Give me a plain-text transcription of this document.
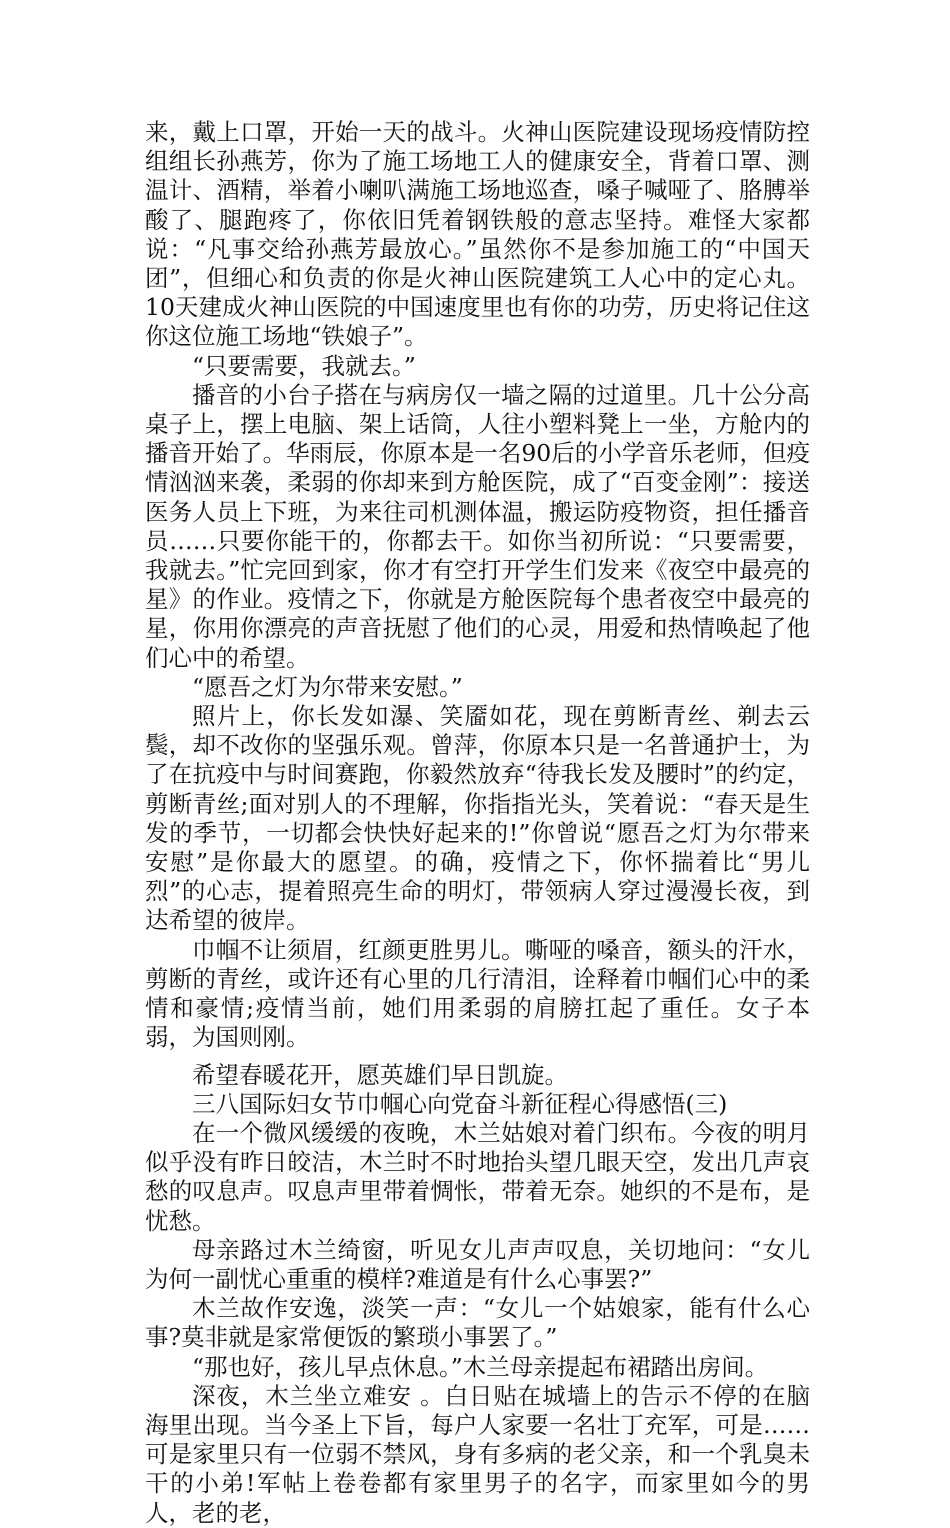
来，戴上口罩，开始一天的战斗。火神山医院建设现场疫情防控组组长孙燕芳，你为了施工场地工人的健康安全，背着口罩、测温计、酒精，举着小喇叭满施工场地巡查，嗓子喊哑了、胳膊举酸了、腿跑疼了，你依旧凭着钢铁般的意志坚持。难怪大家都说：“凡事交给孙燕芳最放心。”虽然你不是参加施工的“中国天团”，但细心和负责的你是火神山医院建筑工人心中的定心丸。10天建成火神山医院的中国速度里也有你的功劳，历史将记住这你这位施工场地“铁娘子”。

“只要需要，我就去。”

播音的小台子搭在与病房仅一墙之隔的过道里。几十公分高桌子上，摆上电脑、架上话筒，人往小塑料凳上一坐，方舱内的播音开始了。华雨辰，你原本是一名90后的小学音乐老师，但疫情汹汹来袭，柔弱的你却来到方舱医院，成了“百变金刚”：接送医务人员上下班，为来往司机测体温，搬运防疫物资，担任播音员……只要你能干的，你都去干。如你当初所说：“只要需要，我就去。”忙完回到家，你才有空打开学生们发来《夜空中最亮的星》的作业。疫情之下，你就是方舱医院每个患者夜空中最亮的星，你用你漂亮的声音抚慰了他们的心灵，用爱和热情唤起了他们心中的希望。

“愿吾之灯为尔带来安慰。”

照片上，你长发如瀑、笑靥如花，现在剪断青丝、剃去云鬓，却不改你的坚强乐观。曾萍，你原本只是一名普通护士，为了在抗疫中与时间赛跑，你毅然放弃“待我长发及腰时”的约定，剪断青丝;面对别人的不理解，你指指光头，笑着说：“春天是生发的季节，一切都会快快好起来的!”你曾说“愿吾之灯为尔带来安慰”是你最大的愿望。的确，疫情之下，你怀揣着比“男儿烈”的心志，提着照亮生命的明灯，带领病人穿过漫漫长夜，到达希望的彼岸。

巾帼不让须眉，红颜更胜男儿。嘶哑的嗓音，额头的汗水，剪断的青丝，或许还有心里的几行清泪，诠释着巾帼们心中的柔情和豪情;疫情当前，她们用柔弱的肩膀扛起了重任。女子本弱，为国则刚。

希望春暖花开，愿英雄们早日凯旋。

三八国际妇女节巾帼心向党奋斗新征程心得感悟(三)

在一个微风缓缓的夜晚，木兰姑娘对着门织布。今夜的明月似乎没有昨日皎洁，木兰时不时地抬头望几眼天空，发出几声哀愁的叹息声。叹息声里带着惆怅，带着无奈。她织的不是布，是忧愁。

母亲路过木兰绮窗，听见女儿声声叹息，关切地问：“女儿为何一副忧心重重的模样?难道是有什么心事罢?”

木兰故作安逸，淡笑一声：“女儿一个姑娘家，能有什么心事?莫非就是家常便饭的繁琐小事罢了。”

“那也好，孩儿早点休息。”木兰母亲提起布裙踏出房间。

深夜，木兰坐立难安 。白日贴在城墙上的告示不停的在脑海里出现。当今圣上下旨，每户人家要一名壮丁充军，可是……可是家里只有一位弱不禁风，身有多病的老父亲，和一个乳臭未干的小弟!军帖上卷卷都有家里男子的名字，而家里如今的男人，老的老，
